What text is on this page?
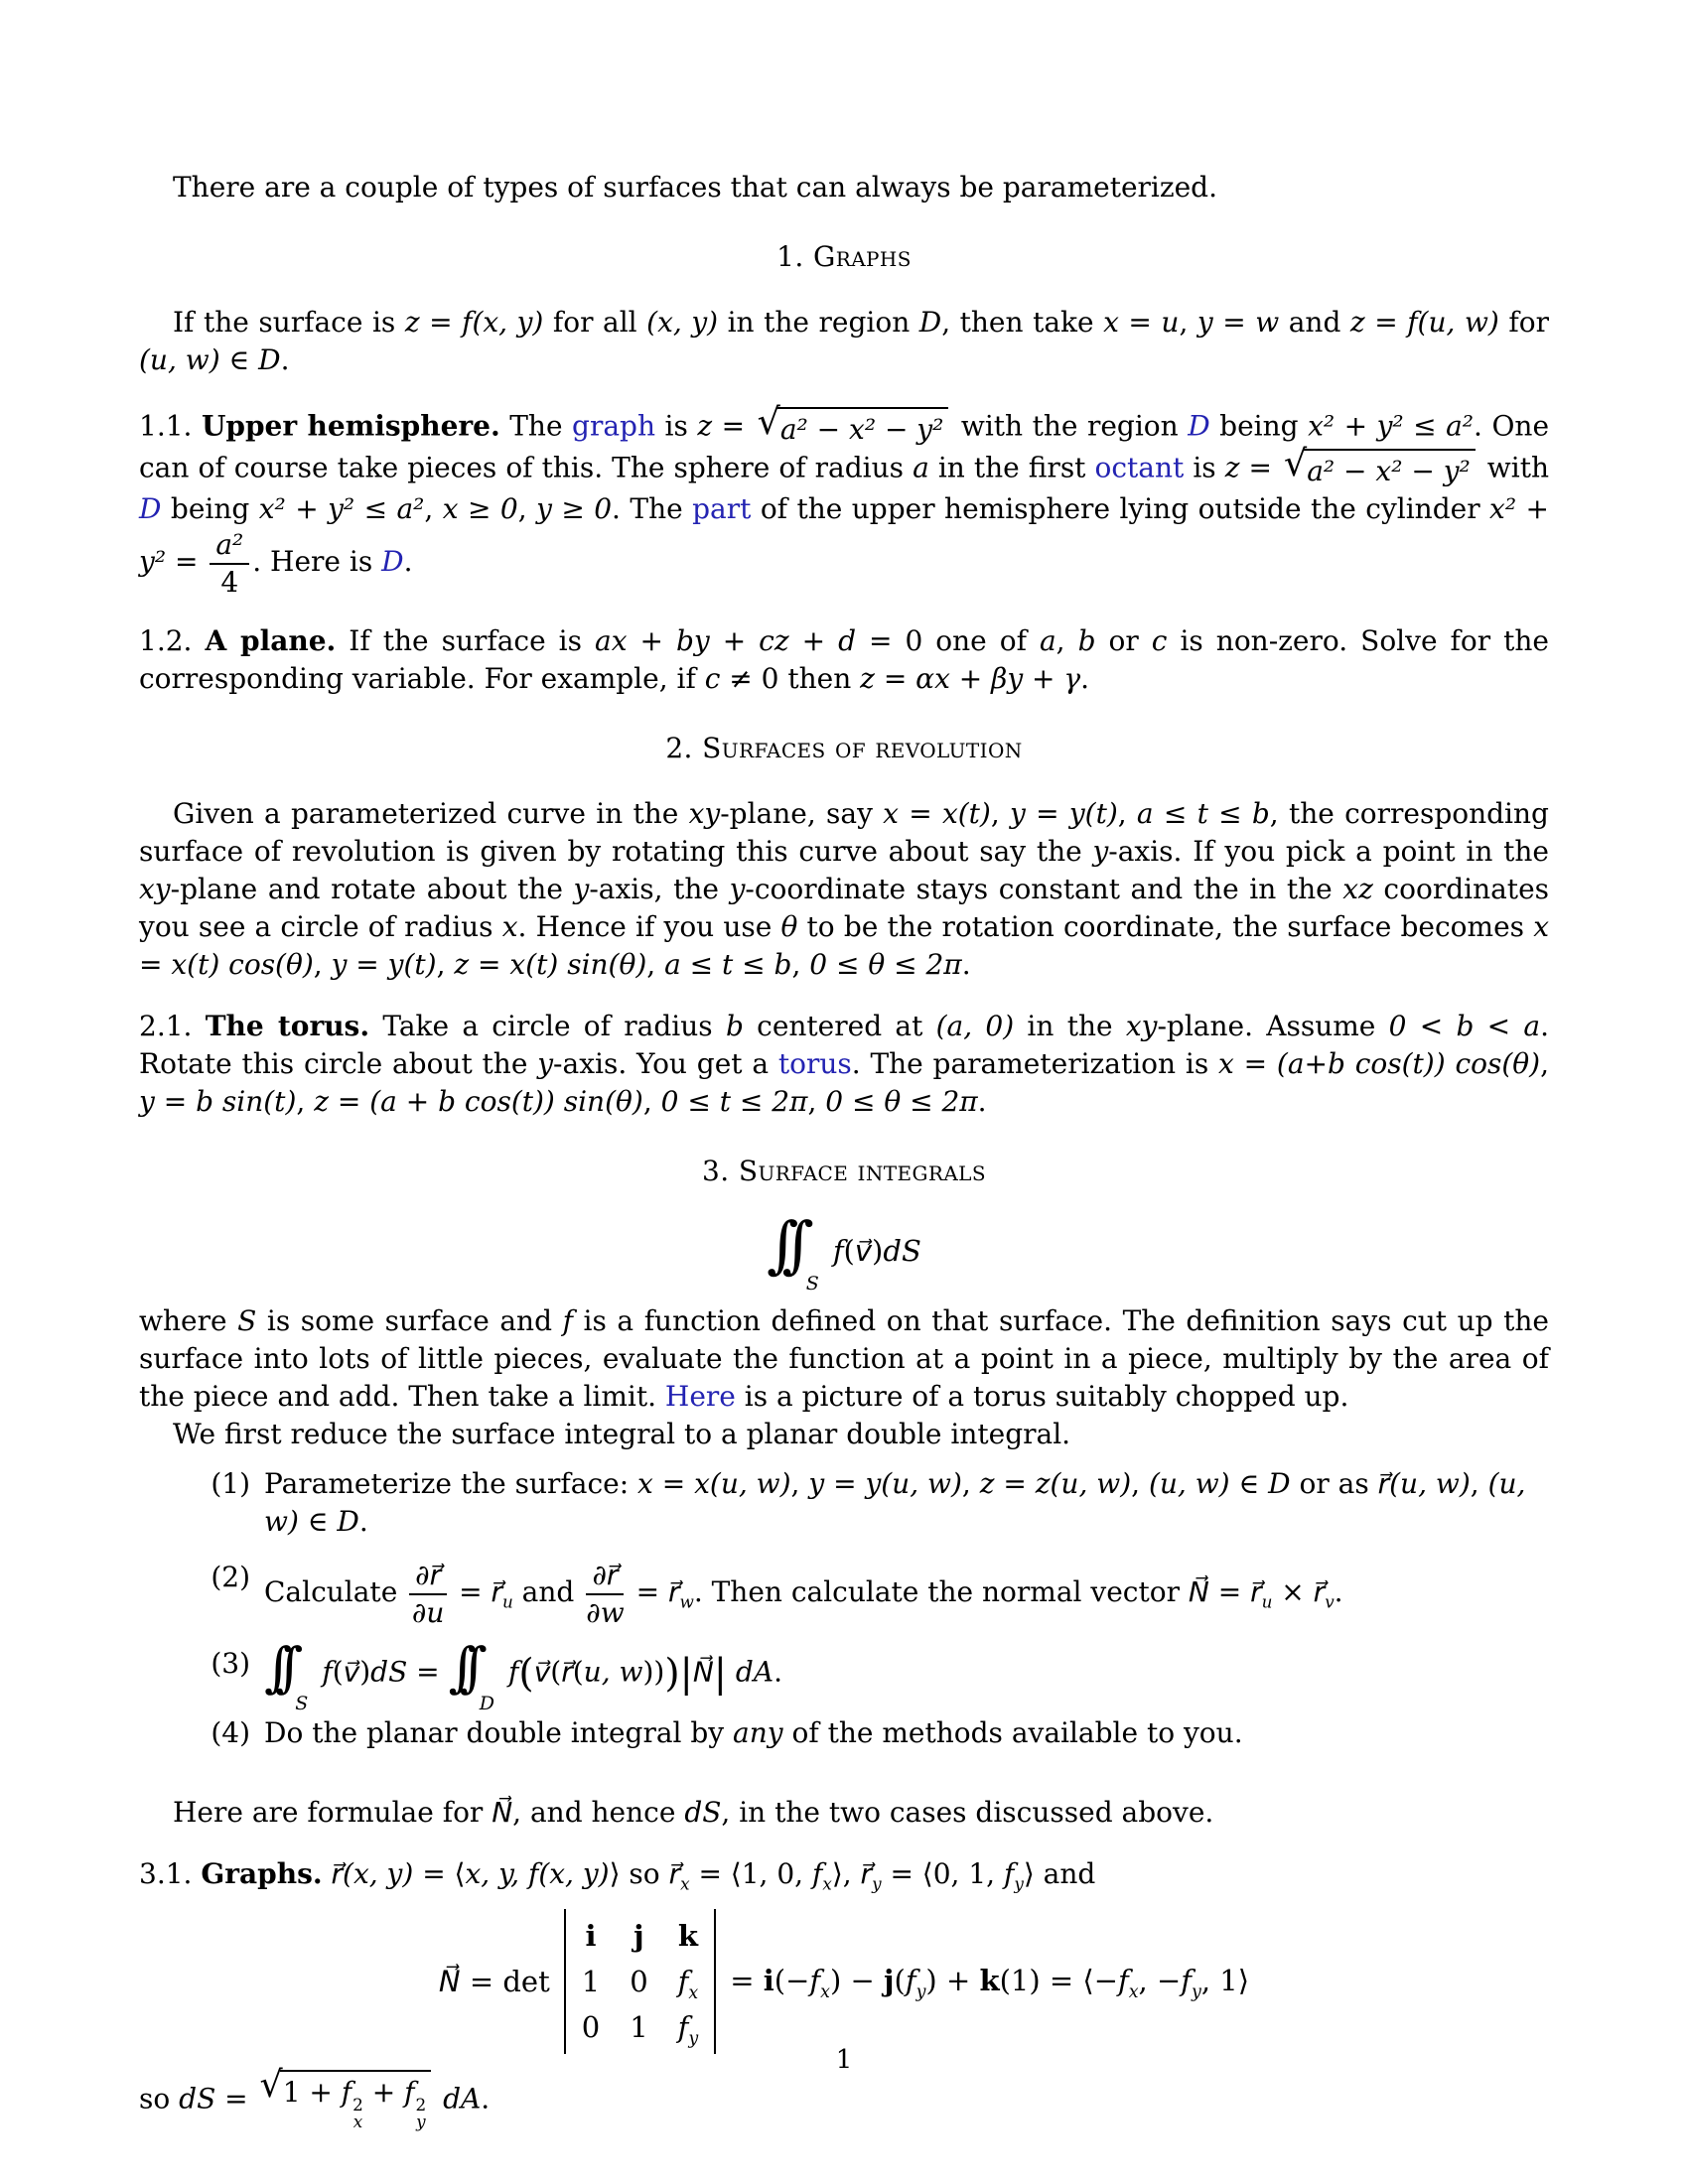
There are a couple of types of surfaces that can always be parameterized.
1. Graphs
If the surface is z = f(x, y) for all (x, y) in the region D, then take x = u, y = w and z = f(u, w) for (u, w) ∈ D.
1.1. Upper hemisphere. The graph is z = √ a² − x² − y² with the region D being x² + y² ≤ a². One can of course take pieces of this. The sphere of radius a in the first octant is z = √ a² − x² − y² with D being x² + y² ≤ a², x ≥ 0, y ≥ 0. The part of the upper hemisphere lying outside the cylinder $x^2 + y^2 = \frac{\text{a²}}{4}$ . Here is D.
1.2. A plane. If the surface is ax + by + cz + d = 0 one of a, b or c is non-zero. Solve for the corresponding variable. For example, if c ≠ 0 then z = αx + βy + γ.
2. Surfaces of revolution
Given a parameterized curve in the xy-plane, say x = x(t), y = y(t), a ≤ t ≤ b, the corresponding surface of revolution is given by rotating this curve about say the y-axis. If you pick a point in the xy-plane and rotate about the y-axis, the y-coordinate stays constant and the in the xz coordinates you see a circle of radius x. Hence if you use θ to be the rotation coordinate, the surface becomes x = x(t) cos(θ), y = y(t), z = x(t) sin(θ), a ≤ t ≤ b, 0 ≤ θ ≤ 2π.
2.1. The torus. Take a circle of radius b centered at (a, 0) in the xy-plane. Assume 0 < b < a. Rotate this circle about the y-axis. You get a torus. The parameterization is x = (a+b cos(t)) cos(θ), y = b sin(t), z = (a + b cos(t)) sin(θ), 0 ≤ t ≤ 2π, 0 ≤ θ ≤ 2π.
3. Surface integrals
$\int\int_S$
f ( v⃗ ) dS
where S is some surface and f is a function defined on that surface. The definition says cut up the surface into lots of little pieces, evaluate the function at a point in a piece, multiply by the area of the piece and add. Then take a limit. Here is a picture of a torus suitably chopped up.
We first reduce the surface integral to a planar double integral.
(1) Parameterize the surface: x = x(u, w), y = y(u, w), z = z(u, w), (u, w) ∈ D or as r⃗(u, w), (u, w) ∈ D.
(2) Calculate $\frac{\partial r⃗}{\partial u}$ = $r⃗_u$ and $\frac{\partial r⃗}{\partial w}$ = $r⃗_w$. Then calculate the normal vector N⃗ = $r⃗_u$ × $r⃗_v$.
(3) $\int\int_Sf(v⃗)dS$ = $\int\int_Df(v⃗(r⃗(u$, w)))|N⃗| dA.
(4) Do the planar double integral by any of the methods available to you.
Here are formulae for N⃗, and hence dS, in the two cases discussed above.
3.1. Graphs. r⃗(x, y) = ⟨x, y, f(x, y)⟩ so $r⃗_x$ = ⟨1, 0, $f_x⟩$, $r⃗_y$ = ⟨0, 1, $f_y⟩$ and
N⃗ = det
i j k
1 0 $f_x$
0 1 $f_y$
= $i(-f_x) - j(f_y) + k(1)$ = $⟨-f_x$, $-f_y$, 1⟩
so dS = √ 1 + f 2
x
+ f 2
y
dA.
1
